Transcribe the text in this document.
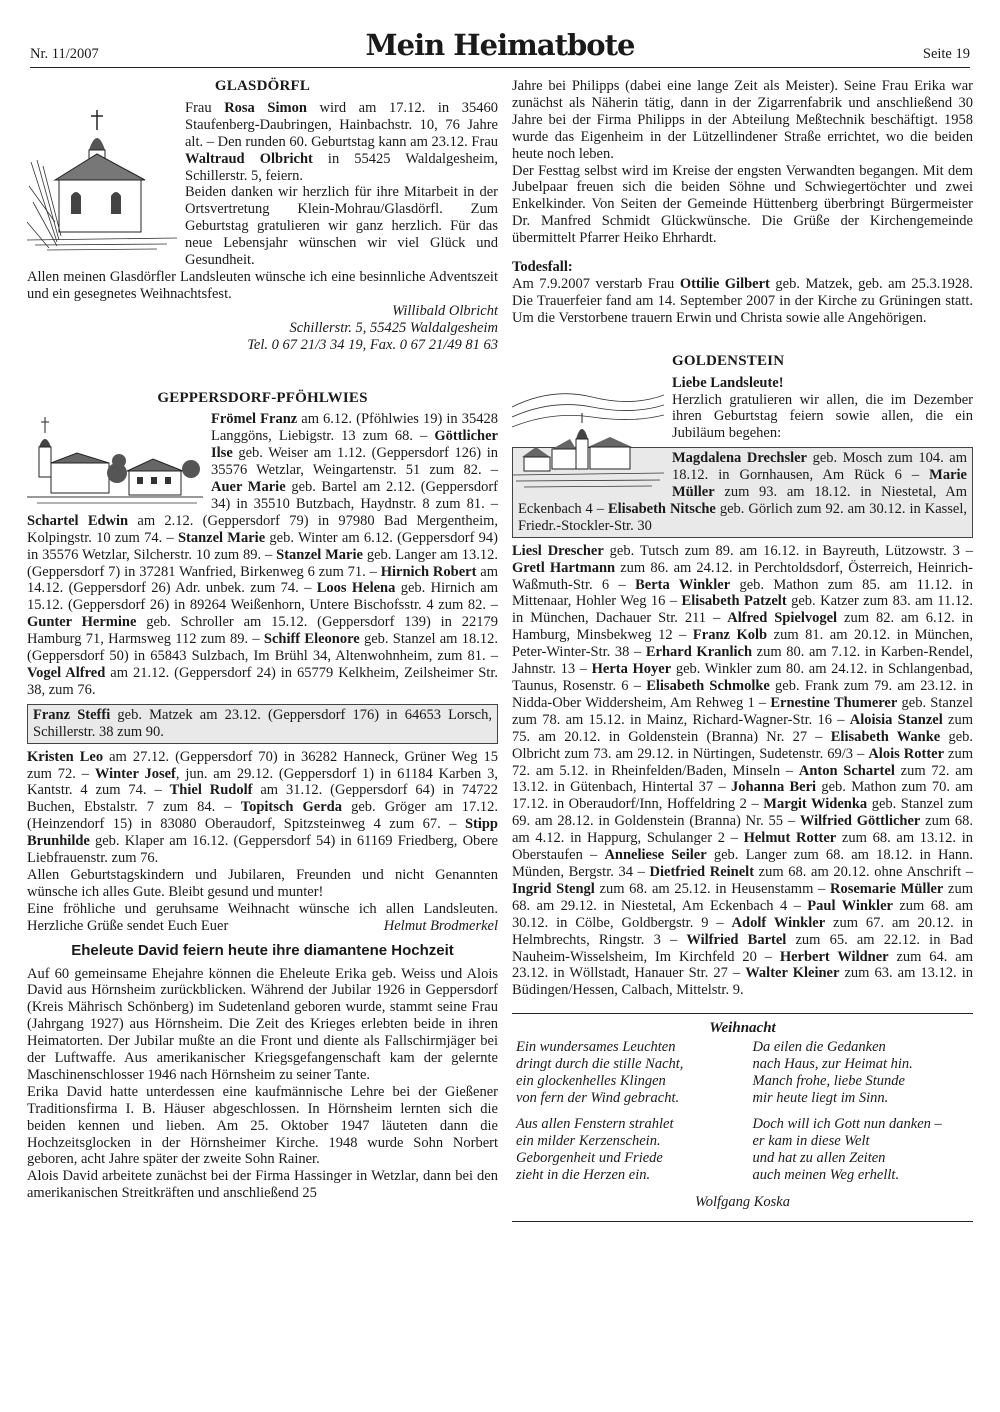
Nr. 11/2007	Mein Heimatbote	Seite 19
GLASDÖRFL

Frau Rosa Simon wird am 17.12. in 35460 Staufenberg-Daubringen, Hainbachstr. 10, 76 Jahre alt. – Den runden 60. Geburtstag kann am 23.12. Frau Waltraud Olbricht in 55425 Waldalgesheim, Schillerstr. 5, feiern.

Beiden danken wir herzlich für ihre Mitarbeit in der Ortsvertretung Klein-Mohrau/Glasdörfl. Zum Geburtstag gratulieren wir ganz herzlich. Für das neue Lebensjahr wünschen wir viel Glück und Gesundheit.

Allen meinen Glasdörfler Landsleuten wünsche ich eine besinnliche Adventszeit und ein gesegnetes Weihnachtsfest.

Willibald Olbricht

Schillerstr. 5, 55425 Waldalgesheim

Tel. 0 67 21/3 34 19, Fax. 0 67 21/49 81 63

GEPPERSDORF-PFÖHLWIES

Frömel Franz am 6.12. (Pföhlwies 19) in 35428 Langgöns, Liebigstr. 13 zum 68. – Göttlicher Ilse geb. Weiser am 1.12. (Geppersdorf 126) in 35576 Wetzlar, Weingartenstr. 51 zum 82. – Auer Marie geb. Bartel am 2.12. (Geppersdorf 34) in 35510 Butzbach, Haydnstr. 8 zum 81. – Schartel Edwin am 2.12. (Geppersdorf 79) in 97980 Bad Mergentheim, Kolpingstr. 10 zum 74. – Stanzel Marie geb. Winter am 6.12. (Geppersdorf 94) in 35576 Wetzlar, Silcherstr. 10 zum 89. – Stanzel Marie geb. Langer am 13.12. (Geppersdorf 7) in 37281 Wanfried, Birkenweg 6 zum 71. – Hirnich Robert am 14.12. (Geppersdorf 26) Adr. unbek. zum 74. – Loos Helena geb. Hirnich am 15.12. (Geppersdorf 26) in 89264 Weißenhorn, Untere Bischofsstr. 4 zum 82. – Gunter Hermine geb. Schroller am 15.12. (Geppersdorf 139) in 22179 Hamburg 71, Harmsweg 112 zum 89. – Schiff Eleonore geb. Stanzel am 18.12. (Geppersdorf 50) in 65843 Sulzbach, Im Brühl 34, Altenwohnheim, zum 81. – Vogel Alfred am 21.12. (Geppersdorf 24) in 65779 Kelkheim, Zeilsheimer Str. 38, zum 76.

Franz Steffi geb. Matzek am 23.12. (Geppersdorf 176) in 64653 Lorsch, Schillerstr. 38 zum 90.

Kristen Leo am 27.12. (Geppersdorf 70) in 36282 Hanneck, Grüner Weg 15 zum 72. – Winter Josef, jun. am 29.12. (Geppersdorf 1) in 61184 Karben 3, Kantstr. 4 zum 74. – Thiel Rudolf am 31.12. (Geppersdorf 64) in 74722 Buchen, Ebstalstr. 7 zum 84. – Topitsch Gerda geb. Gröger am 17.12. (Heinzendorf 15) in 83080 Oberaudorf, Spitzsteinweg 4 zum 67. – Stipp Brunhilde geb. Klaper am 16.12. (Geppersdorf 54) in 61169 Friedberg, Obere Liebfrauenstr. zum 76.

Allen Geburtstagskindern und Jubilaren, Freunden und nicht Genannten wünsche ich alles Gute. Bleibt gesund und munter!

Eine fröhliche und geruhsame Weihnacht wünsche ich allen Landsleuten. Herzliche Grüße sendet Euch Euer	Helmut Brodmerkel

Eheleute David feiern heute ihre diamantene Hochzeit

Auf 60 gemeinsame Ehejahre können die Eheleute Erika geb. Weiss und Alois David aus Hörnsheim zurückblicken. Während der Jubilar 1926 in Geppersdorf (Kreis Mährisch Schönberg) im Sudetenland geboren wurde, stammt seine Frau (Jahrgang 1927) aus Hörnsheim. Die Zeit des Krieges erlebten beide in ihren Heimatorten. Der Jubilar mußte an die Front und diente als Fallschirmjäger bei der Luftwaffe. Aus amerikanischer Kriegsgefangenschaft kam der gelernte Maschinenschlosser 1946 nach Hörnsheim zu seiner Tante.

Erika David hatte unterdessen eine kaufmännische Lehre bei der Gießener Traditionsfirma I. B. Häuser abgeschlossen. In Hörnsheim lernten sich die beiden kennen und lieben. Am 25. Oktober 1947 läuteten dann die Hochzeitsglocken in der Hörnsheimer Kirche. 1948 wurde Sohn Norbert geboren, acht Jahre später der zweite Sohn Rainer.

Alois David arbeitete zunächst bei der Firma Hassinger in Wetzlar, dann bei den amerikanischen Streitkräften und anschließend 25

Jahre bei Philipps (dabei eine lange Zeit als Meister). Seine Frau Erika war zunächst als Näherin tätig, dann in der Zigarrenfabrik und anschließend 30 Jahre bei der Firma Philipps in der Abteilung Meßtechnik beschäftigt. 1958 wurde das Eigenheim in der Lützellindener Straße errichtet, wo die beiden heute noch leben.

Der Festtag selbst wird im Kreise der engsten Verwandten begangen. Mit dem Jubelpaar freuen sich die beiden Söhne und Schwiegertöchter und zwei Enkelkinder. Von Seiten der Gemeinde Hüttenberg überbringt Bürgermeister Dr. Manfred Schmidt Glückwünsche. Die Grüße der Kirchengemeinde übermittelt Pfarrer Heiko Ehrhardt.

Todesfall:

Am 7.9.2007 verstarb Frau Ottilie Gilbert geb. Matzek, geb. am 25.3.1928. Die Trauerfeier fand am 14. September 2007 in der Kirche zu Grüningen statt. Um die Verstorbene trauern Erwin und Christa sowie alle Angehörigen.

GOLDENSTEIN

Liebe Landsleute!

Herzlich gratulieren wir allen, die im Dezember ihren Geburtstag feiern sowie allen, die ein Jubiläum begehen:

Magdalena Drechsler geb. Mosch zum 104. am 18.12. in Gornhausen, Am Rück 6 – Marie Müller zum 93. am 18.12. in Niestetal, Am Eckenbach 4 – Elisabeth Nitsche geb. Görlich zum 92. am 30.12. in Kassel, Friedr.-Stockler-Str. 30

Liesl Drescher geb. Tutsch zum 89. am 16.12. in Bayreuth, Lützowstr. 3 – Gretl Hartmann zum 86. am 24.12. in Perchtoldsdorf, Österreich, Heinrich-Waßmuth-Str. 6 – Berta Winkler geb. Mathon zum 85. am 11.12. in Mittenaar, Hohler Weg 16 – Elisabeth Patzelt geb. Katzer zum 83. am 11.12. in München, Dachauer Str. 211 – Alfred Spielvogel zum 82. am 6.12. in Hamburg, Minsbekweg 12 – Franz Kolb zum 81. am 20.12. in München, Peter-Winter-Str. 38 – Erhard Kranlich zum 80. am 7.12. in Karben-Rendel, Jahnstr. 13 – Herta Hoyer geb. Winkler zum 80. am 24.12. in Schlangenbad, Taunus, Rosenstr. 6 – Elisabeth Schmolke geb. Frank zum 79. am 23.12. in Nidda-Ober Widdersheim, Am Rehweg 1 – Ernestine Thumerer geb. Stanzel zum 78. am 15.12. in Mainz, Richard-Wagner-Str. 16 – Aloisia Stanzel zum 75. am 20.12. in Goldenstein (Branna) Nr. 27 – Elisabeth Wanke geb. Olbricht zum 73. am 29.12. in Nürtingen, Sudetenstr. 69/3 – Alois Rotter zum 72. am 5.12. in Rheinfelden/Baden, Minseln – Anton Schartel zum 72. am 13.12. in Gütenbach, Hintertal 37 – Johanna Beri geb. Mathon zum 70. am 17.12. in Oberaudorf/Inn, Hoffeldring 2 – Margit Widenka geb. Stanzel zum 69. am 28.12. in Goldenstein (Branna) Nr. 55 – Wilfried Göttlicher zum 68. am 4.12. in Happurg, Schulanger 2 – Helmut Rotter zum 68. am 13.12. in Oberstaufen – Anneliese Seiler geb. Langer zum 68. am 18.12. in Hann. Münden, Bergstr. 34 – Dietfried Reinelt zum 68. am 20.12. ohne Anschrift – Ingrid Stengl zum 68. am 25.12. in Heusenstamm – Rosemarie Müller zum 68. am 29.12. in Niestetal, Am Eckenbach 4 – Paul Winkler zum 68. am 30.12. in Cölbe, Goldbergstr. 9 – Adolf Winkler zum 67. am 20.12. in Helmbrechts, Ringstr. 3 – Wilfried Bartel zum 65. am 22.12. in Bad Nauheim-Wisselsheim, Im Kirchfeld 20 – Herbert Wildner zum 64. am 23.12. in Wöllstadt, Hanauer Str. 27 – Walter Kleiner zum 63. am 13.12. in Büdingen/Hessen, Calbach, Mittelstr. 9.

Weihnacht
Ein wundersames Leuchten
dringt durch die stille Nacht,
ein glockenhelles Klingen
von fern der Wind gebracht.
Da eilen die Gedanken
nach Haus, zur Heimat hin.
Manch frohe, liebe Stunde
mir heute liegt im Sinn.
Aus allen Fenstern strahlet
ein milder Kerzenschein.
Geborgenheit und Friede
zieht in die Herzen ein.
Doch will ich Gott nun danken –
er kam in diese Welt
und hat zu allen Zeiten
auch meinen Weg erhellt.
Wolfgang Koska
